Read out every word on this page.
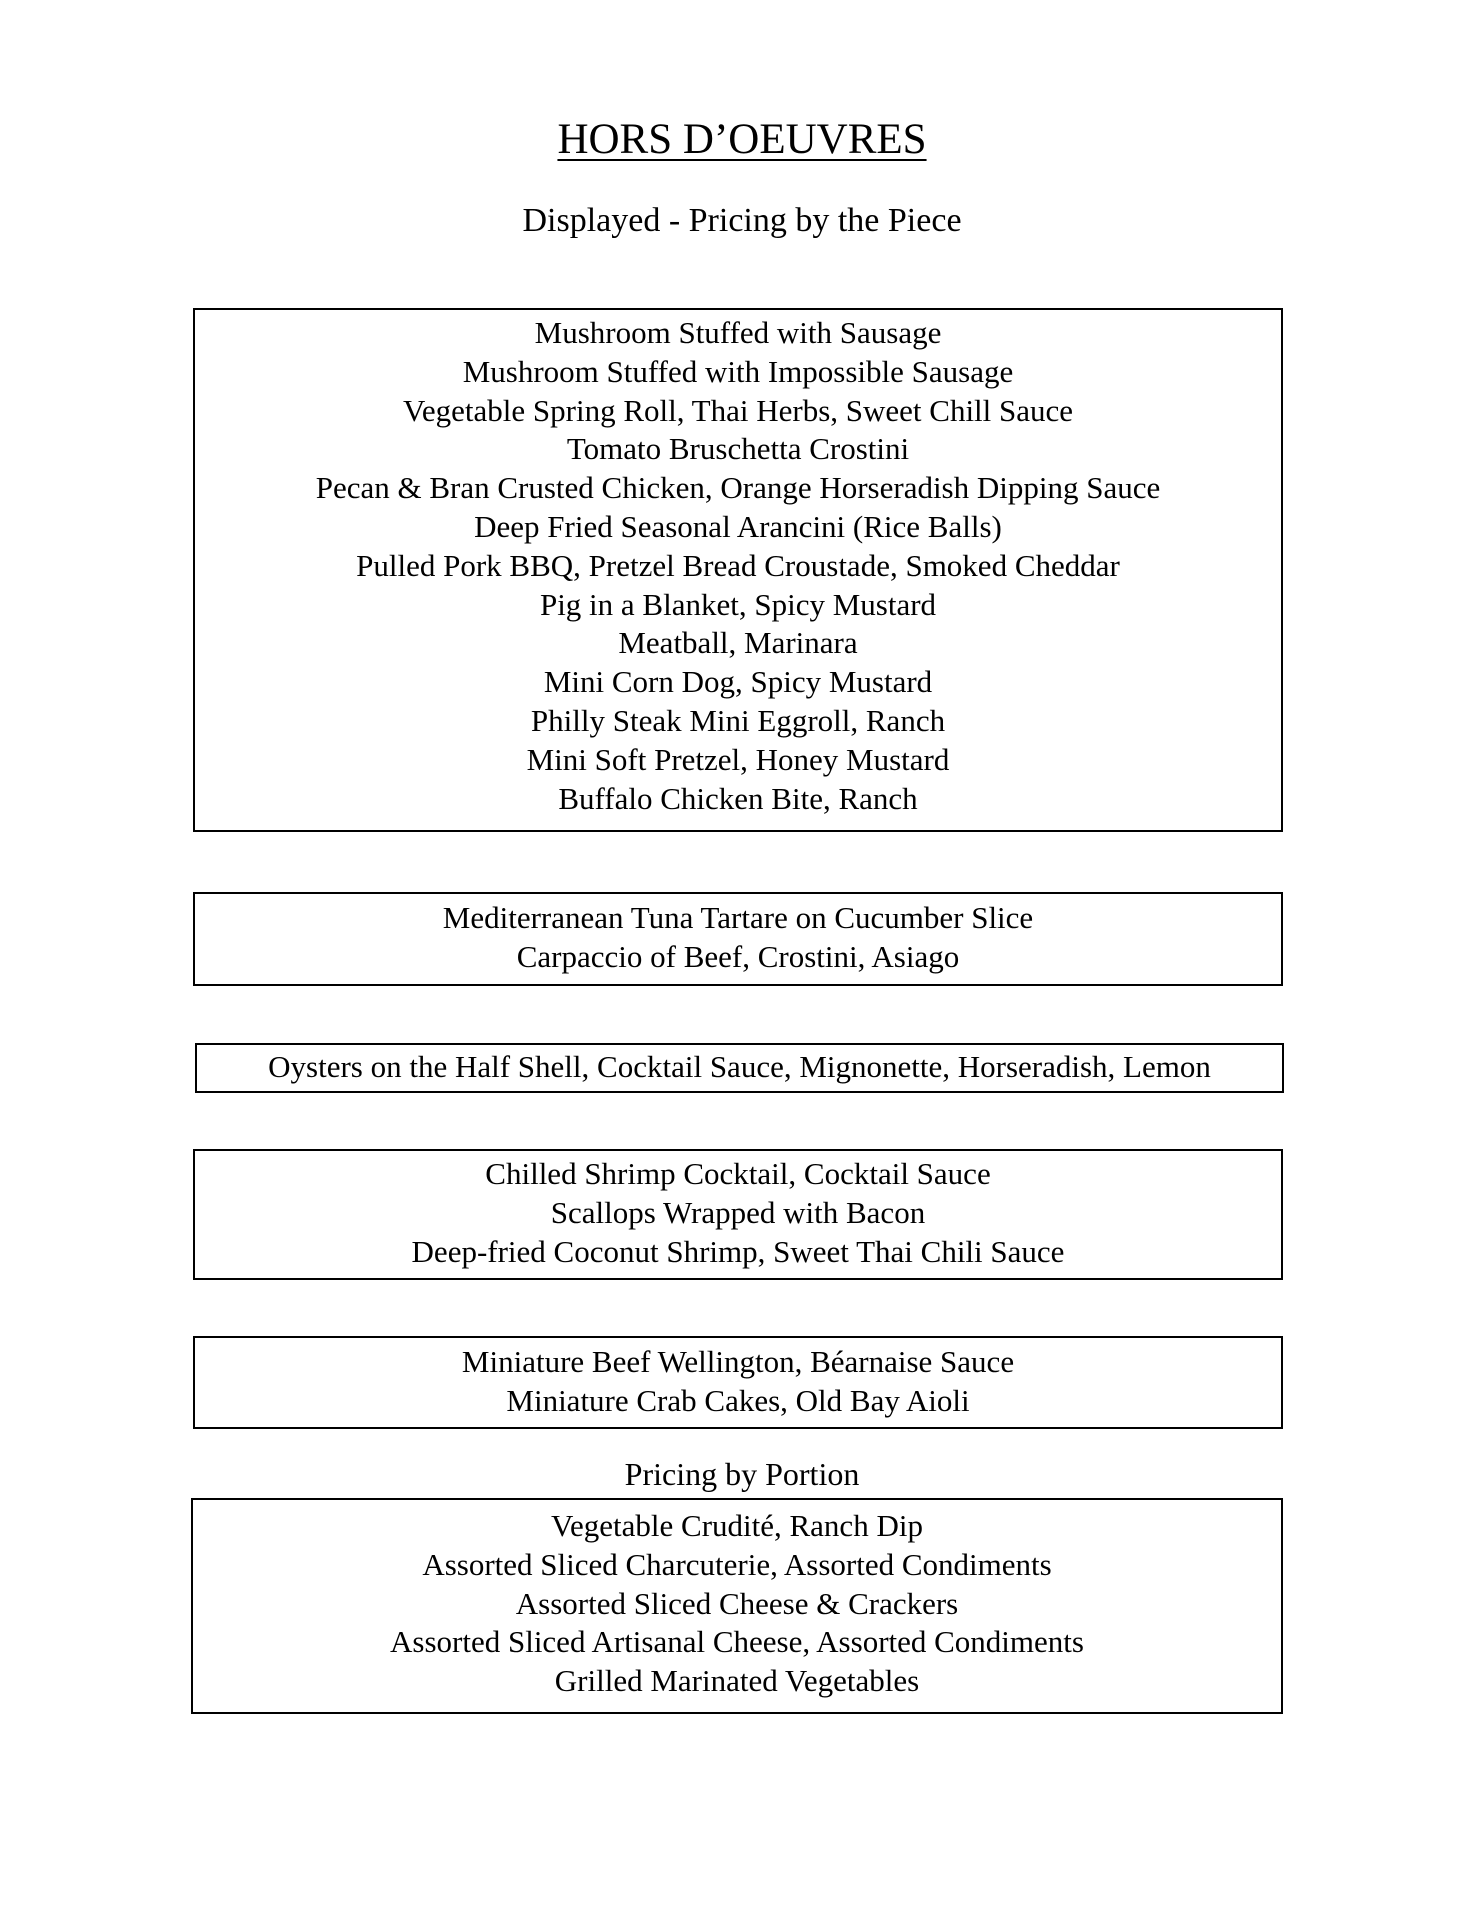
HORS D’OEUVRES

Displayed - Pricing by the Piece

Mushroom Stuffed with Sausage
Mushroom Stuffed with Impossible Sausage
Vegetable Spring Roll, Thai Herbs, Sweet Chill Sauce
Tomato Bruschetta Crostini
Pecan & Bran Crusted Chicken, Orange Horseradish Dipping Sauce
Deep Fried Seasonal Arancini (Rice Balls)
Pulled Pork BBQ, Pretzel Bread Croustade, Smoked Cheddar
Pig in a Blanket, Spicy Mustard
Meatball, Marinara
Mini Corn Dog, Spicy Mustard
Philly Steak Mini Eggroll, Ranch
Mini Soft Pretzel, Honey Mustard
Buffalo Chicken Bite, Ranch
Mediterranean Tuna Tartare on Cucumber Slice
Carpaccio of Beef, Crostini, Asiago
Oysters on the Half Shell, Cocktail Sauce, Mignonette, Horseradish, Lemon
Chilled Shrimp Cocktail, Cocktail Sauce
Scallops Wrapped with Bacon
Deep-fried Coconut Shrimp, Sweet Thai Chili Sauce
Miniature Beef Wellington, Béarnaise Sauce
Miniature Crab Cakes, Old Bay Aioli

Pricing by Portion

Vegetable Crudité, Ranch Dip
Assorted Sliced Charcuterie, Assorted Condiments
Assorted Sliced Cheese & Crackers
Assorted Sliced Artisanal Cheese, Assorted Condiments
Grilled Marinated Vegetables
